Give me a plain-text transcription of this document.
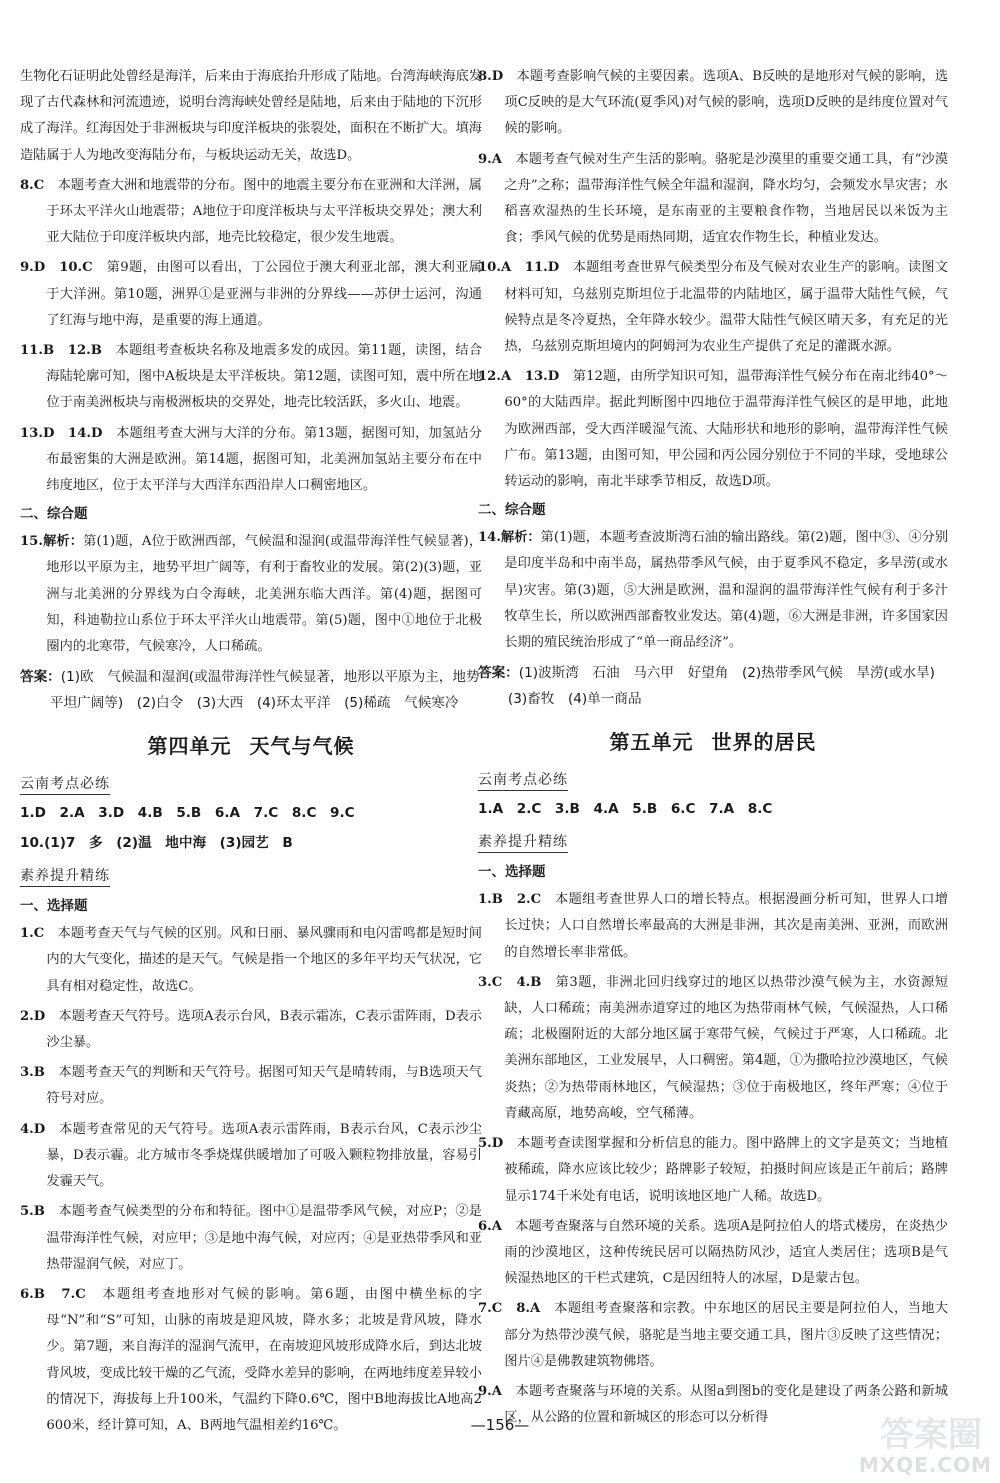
生物化石证明此处曾经是海洋，后来由于海底抬升形成了陆地。台湾海峡海底发现了古代森林和河流遗迹，说明台湾海峡处曾经是陆地，后来由于陆地的下沉形成了海洋。红海因处于非洲板块与印度洋板块的张裂处，面积在不断扩大。填海造陆属于人为地改变海陆分布，与板块运动无关，故选D。

8.C　 本题考查大洲和地震带的分布。图中的地震主要分布在亚洲和大洋洲，属于环太平洋火山地震带；A地位于印度洋板块与太平洋板块交界处；澳大利亚大陆位于印度洋板块内部，地壳比较稳定，很少发生地震。

9.D　10.C　 第9题，由图可以看出，丁公园位于澳大利亚北部，澳大利亚属于大洋洲。第10题，洲界①是亚洲与非洲的分界线——苏伊士运河，沟通了红海与地中海，是重要的海上通道。

11.B　12.B　 本题组考查板块名称及地震多发的成因。第11题，读图，结合海陆轮廓可知，图中A板块是太平洋板块。第12题，读图可知，震中所在地位于南美洲板块与南极洲板块的交界处，地壳比较活跃，多火山、地震。

13.D　14.D　 本题组考查大洲与大洋的分布。第13题，据图可知，加氢站分布最密集的大洲是欧洲。第14题，据图可知，北美洲加氢站主要分布在中纬度地区，位于太平洋与大西洋东西沿岸人口稠密地区。

二、综合题

15.解析：第(1)题，A位于欧洲西部，气候温和湿润(或温带海洋性气候显著)，地形以平原为主，地势平坦广阔等，有利于畜牧业的发展。第(2)(3)题，亚洲与北美洲的分界线为白令海峡，北美洲东临大西洋。第(4)题，据图可知，科迪勒拉山系位于环太平洋火山地震带。第(5)题，图中①地位于北极圈内的北寒带，气候寒冷，人口稀疏。

答案：(1)欧　气候温和湿润(或温带海洋性气候显著，地形以平原为主，地势平坦广阔等)　(2)白令　(3)大西　(4)环太平洋　(5)稀疏　气候寒冷

第四单元 天气与气候
云南考点必练

1.D　2.A　3.D　4.B　5.B　6.A　7.C　8.C　9.C

10.(1)7　多　(2)温　地中海　(3)园艺　B

素养提升精练
一、选择题

1.C　 本题考查天气与气候的区别。风和日丽、暴风骤雨和电闪雷鸣都是短时间内的大气变化，描述的是天气。气候是指一个地区的多年平均天气状况，它具有相对稳定性，故选C。

2.D　 本题考查天气符号。选项A表示台风，B表示霜冻，C表示雷阵雨，D表示沙尘暴。

3.B　 本题考查天气的判断和天气符号。据图可知天气是晴转雨，与B选项天气符号对应。

4.D　 本题考查常见的天气符号。选项A表示雷阵雨，B表示台风，C表示沙尘暴，D表示霾。北方城市冬季烧煤供暖增加了可吸入颗粒物排放量，容易引发霾天气。

5.B　 本题考查气候类型的分布和特征。图中①是温带季风气候，对应P；②是温带海洋性气候，对应甲；③是地中海气候，对应丙；④是亚热带季风和亚热带湿润气候，对应丁。

6.B　7.C　 本题组考查地形对气候的影响。第6题，由图中横坐标的字母“N”和“S”可知，山脉的南坡是迎风坡，降水多；北坡是背风坡，降水少。第7题，来自海洋的湿润气流甲，在南坡迎风坡形成降水后，到达北坡背风坡，变成比较干燥的乙气流，受降水差异的影响，在两地纬度差异较小的情况下，海拔每上升100米，气温约下降0.6℃，图中B地海拔比A地高2 600米，经计算可知，A、B两地气温相差约16℃。

8.D　 本题考查影响气候的主要因素。选项A、B反映的是地形对气候的影响，选项C反映的是大气环流(夏季风)对气候的影响，选项D反映的是纬度位置对气候的影响。

9.A　 本题考查气候对生产生活的影响。骆驼是沙漠里的重要交通工具，有“沙漠之舟”之称；温带海洋性气候全年温和湿润，降水均匀，会频发水旱灾害；水稻喜欢湿热的生长环境，是东南亚的主要粮食作物，当地居民以米饭为主食；季风气候的优势是雨热同期，适宜农作物生长，种植业发达。

10.A　11.D　 本题组考查世界气候类型分布及气候对农业生产的影响。读图文材料可知，乌兹别克斯坦位于北温带的内陆地区，属于温带大陆性气候，气候特点是冬冷夏热，全年降水较少。温带大陆性气候区晴天多，有充足的光热，乌兹别克斯坦境内的阿姆河为农业生产提供了充足的灌溉水源。

12.A　13.D　 第12题，由所学知识可知，温带海洋性气候分布在南北纬40°～60°的大陆西岸。据此判断图中四地位于温带海洋性气候区的是甲地，此地为欧洲西部，受大西洋暖湿气流、大陆形状和地形的影响，温带海洋性气候广布。第13题，由图可知，甲公园和丙公园分别位于不同的半球，受地球公转运动的影响，南北半球季节相反，故选D项。

二、综合题

14.解析：第(1)题，本题考查波斯湾石油的输出路线。第(2)题，图中③、④分别是印度半岛和中南半岛，属热带季风气候，由于夏季风不稳定，多旱涝(或水旱)灾害。第(3)题，⑤大洲是欧洲，温和湿润的温带海洋性气候有利于多汁牧草生长，所以欧洲西部畜牧业发达。第(4)题，⑥大洲是非洲，许多国家因长期的殖民统治形成了“单一商品经济”。

答案：(1)波斯湾　石油　马六甲　好望角　(2)热带季风气候　旱涝(或水旱)　(3)畜牧　(4)单一商品

第五单元 世界的居民
云南考点必练

1.A　2.C　3.B　4.A　5.B　6.C　7.A　8.C

素养提升精练
一、选择题

1.B　2.C　 本题组考查世界人口的增长特点。根据漫画分析可知，世界人口增长过快；人口自然增长率最高的大洲是非洲，其次是南美洲、亚洲，而欧洲的自然增长率非常低。

3.C　4.B　 第3题，非洲北回归线穿过的地区以热带沙漠气候为主，水资源短缺，人口稀疏；南美洲赤道穿过的地区为热带雨林气候，气候湿热，人口稀疏；北极圈附近的大部分地区属于寒带气候，气候过于严寒，人口稀疏。北美洲东部地区，工业发展早，人口稠密。第4题，①为撒哈拉沙漠地区，气候炎热；②为热带雨林地区，气候湿热；③位于南极地区，终年严寒；④位于青藏高原，地势高峻，空气稀薄。

5.D　 本题考查读图掌握和分析信息的能力。图中路牌上的文字是英文；当地植被稀疏，降水应该比较少；路牌影子较短，拍摄时间应该是正午前后；路牌显示174千米处有电话，说明该地区地广人稀。故选D。

6.A　 本题考查聚落与自然环境的关系。选项A是阿拉伯人的塔式楼房，在炎热少雨的沙漠地区，这种传统民居可以隔热防风沙，适宜人类居住；选项B是气候湿热地区的干栏式建筑，C是因纽特人的冰屋，D是蒙古包。

7.C　8.A　 本题组考查聚落和宗教。中东地区的居民主要是阿拉伯人，当地大部分为热带沙漠气候，骆驼是当地主要交通工具，图片③反映了这些情况；图片④是佛教建筑物佛塔。

9.A　 本题考查聚落与环境的关系。从图a到图b的变化是建设了两条公路和新城区，从公路的位置和新城区的形态可以分析得

—156—	答案圈
MXQE.COM
